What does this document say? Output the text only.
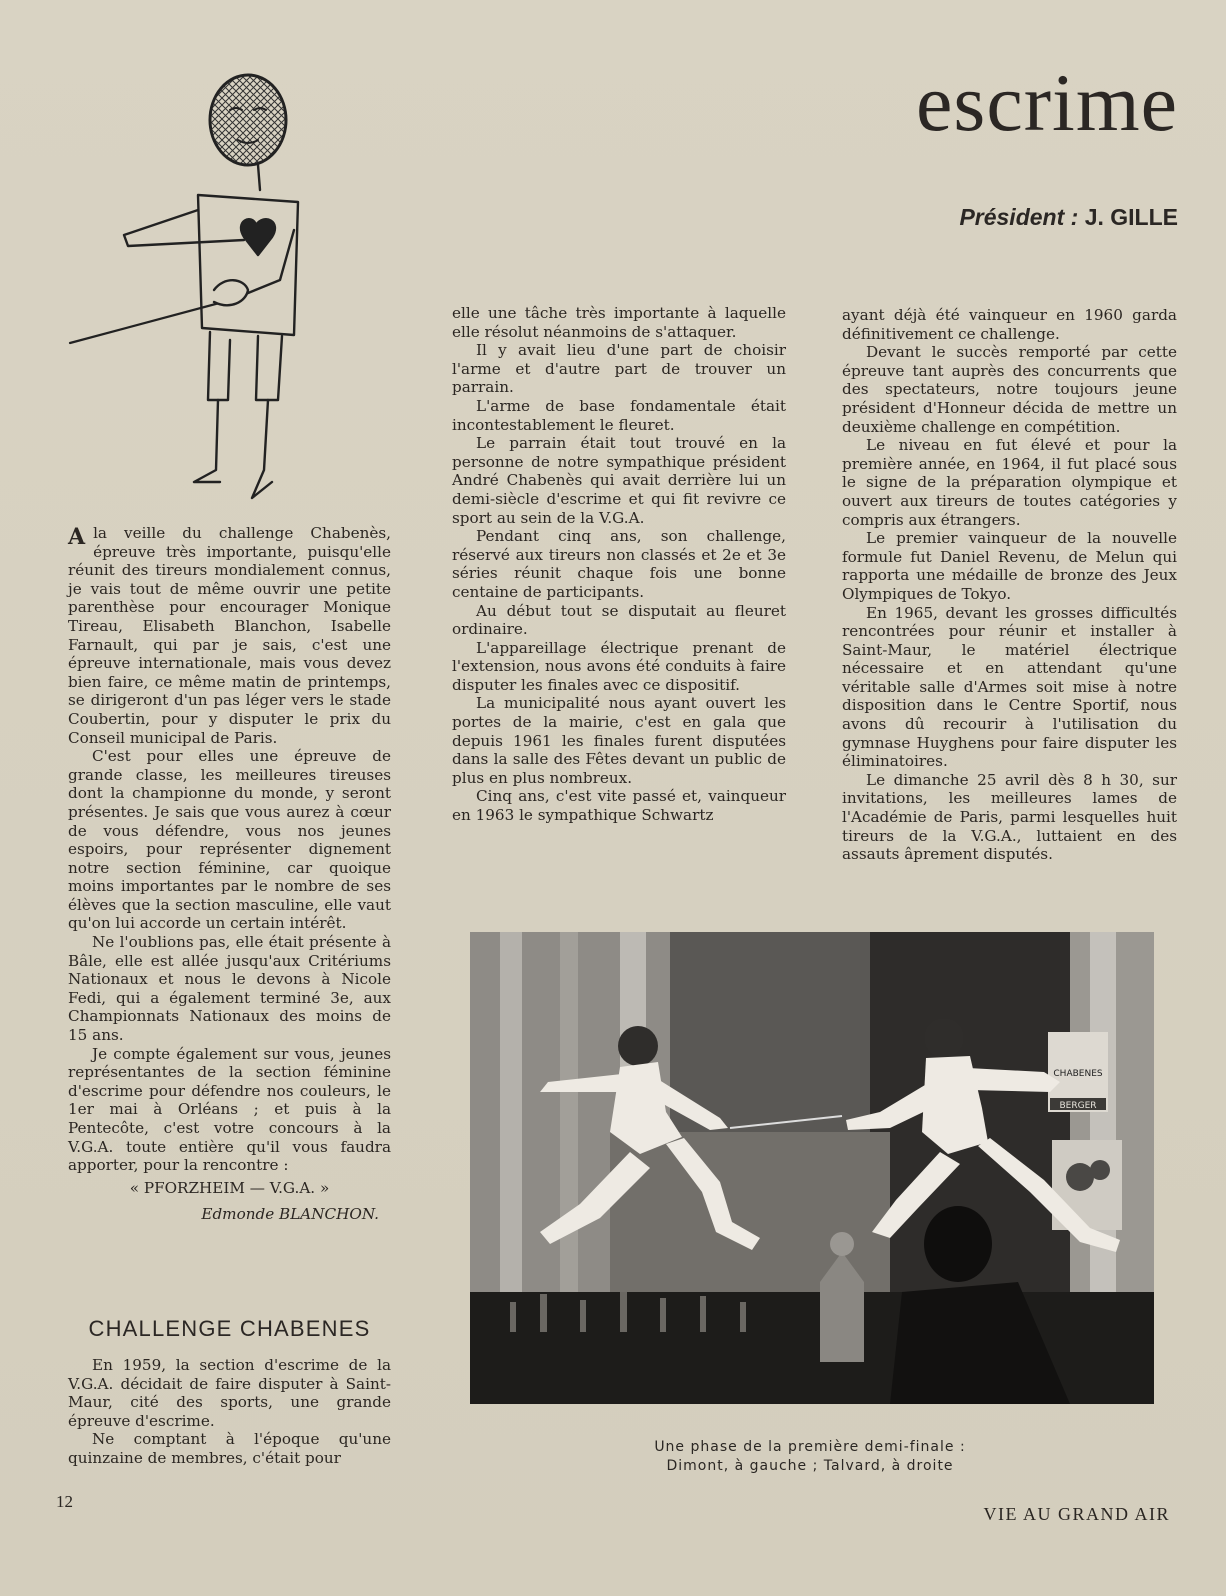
escrime
Président : J. GILLE

A la veille du challenge Chabenès, épreuve très importante, puisqu'elle réunit des tireurs mondialement connus, je vais tout de même ouvrir une petite parenthèse pour encourager Monique Tireau, Elisabeth Blanchon, Isabelle Farnault, qui par je sais, c'est une épreuve internationale, mais vous devez bien faire, ce même matin de printemps, se dirigeront d'un pas léger vers le stade Coubertin, pour y disputer le prix du Conseil municipal de Paris.

C'est pour elles une épreuve de grande classe, les meilleures tireuses dont la championne du monde, y seront présentes. Je sais que vous aurez à cœur de vous défendre, vous nos jeunes espoirs, pour représenter dignement notre section féminine, car quoique moins importantes par le nombre de ses élèves que la section masculine, elle vaut qu'on lui accorde un certain intérêt.

Ne l'oublions pas, elle était présente à Bâle, elle est allée jusqu'aux Critériums Nationaux et nous le devons à Nicole Fedi, qui a également terminé 3e, aux Championnats Nationaux des moins de 15 ans.

Je compte également sur vous, jeunes représentantes de la section féminine d'escrime pour défendre nos couleurs, le 1er mai à Orléans ; et puis à la Pentecôte, c'est votre concours à la V.G.A. toute entière qu'il vous faudra apporter, pour la rencontre :

« PFORZHEIM — V.G.A. »

Edmonde BLANCHON.

CHALLENGE CHABENES

En 1959, la section d'escrime de la V.G.A. décidait de faire disputer à Saint-Maur, cité des sports, une grande épreuve d'escrime.

Ne comptant à l'époque qu'une quinzaine de membres, c'était pour

elle une tâche très importante à laquelle elle résolut néanmoins de s'attaquer.

Il y avait lieu d'une part de choisir l'arme et d'autre part de trouver un parrain.

L'arme de base fondamentale était incontestablement le fleuret.

Le parrain était tout trouvé en la personne de notre sympathique président André Chabenès qui avait derrière lui un demi-siècle d'escrime et qui fit revivre ce sport au sein de la V.G.A.

Pendant cinq ans, son challenge, réservé aux tireurs non classés et 2e et 3e séries réunit chaque fois une bonne centaine de participants.

Au début tout se disputait au fleuret ordinaire.

L'appareillage électrique prenant de l'extension, nous avons été conduits à faire disputer les finales avec ce dispositif.

La municipalité nous ayant ouvert les portes de la mairie, c'est en gala que depuis 1961 les finales furent disputées dans la salle des Fêtes devant un public de plus en plus nombreux.

Cinq ans, c'est vite passé et, vainqueur en 1963 le sympathique Schwartz

ayant déjà été vainqueur en 1960 garda définitivement ce challenge.

Devant le succès remporté par cette épreuve tant auprès des concurrents que des spectateurs, notre toujours jeune président d'Honneur décida de mettre un deuxième challenge en compétition.

Le niveau en fut élevé et pour la première année, en 1964, il fut placé sous le signe de la préparation olympique et ouvert aux tireurs de toutes catégories y compris aux étrangers.

Le premier vainqueur de la nouvelle formule fut Daniel Revenu, de Melun qui rapporta une médaille de bronze des Jeux Olympiques de Tokyo.

En 1965, devant les grosses difficultés rencontrées pour réunir et installer à Saint-Maur, le matériel électrique nécessaire et en attendant qu'une véritable salle d'Armes soit mise à notre disposition dans le Centre Sportif, nous avons dû recourir à l'utilisation du gymnase Huyghens pour faire disputer les éliminatoires.

Le dimanche 25 avril dès 8 h 30, sur invitations, les meilleures lames de l'Académie de Paris, parmi lesquelles huit tireurs de la V.G.A., luttaient en des assauts âprement disputés.

CHABENES
BERGER
Une phase de la première demi-finale :
Dimont, à gauche ; Talvard, à droite
12
VIE AU GRAND AIR
